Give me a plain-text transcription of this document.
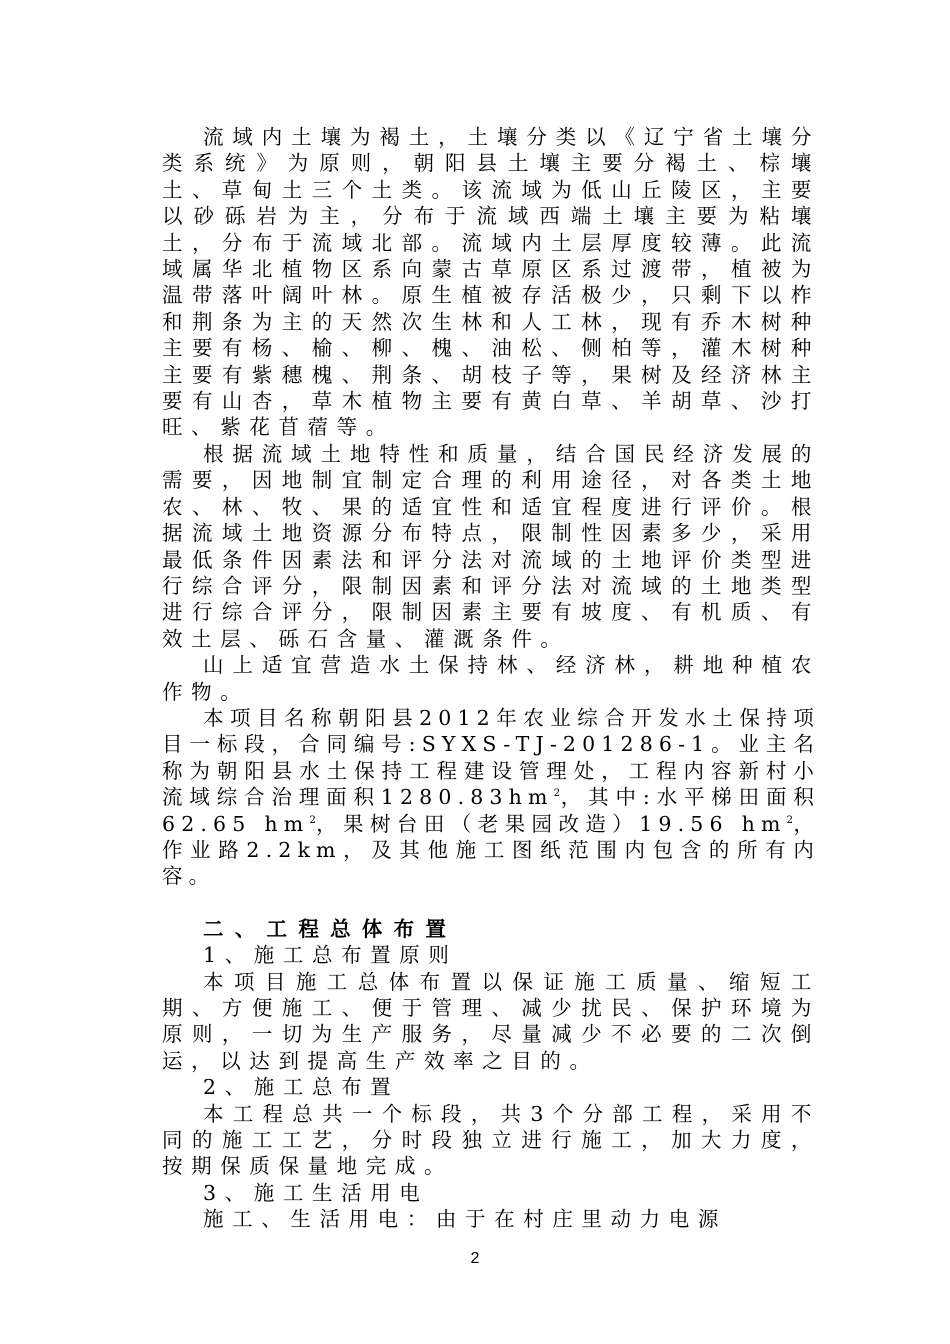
流域内土壤为褐土，土壤分类以《辽宁省土壤分类系统》为原则，朝阳县土壤主要分褐土、棕壤土、草甸土三个土类。该流域为低山丘陵区，主要以砂砾岩为主，分布于流域西端土壤主要为粘壤土，分布于流域北部。流域内土层厚度较薄。此流域属华北植物区系向蒙古草原区系过渡带，植被为温带落叶阔叶林。原生植被存活极少，只剩下以柞和荆条为主的天然次生林和人工林，现有乔木树种主要有杨、榆、柳、槐、油松、侧柏等，灌木树种主要有紫穗槐、荆条、胡枝子等，果树及经济林主要有山杏，草木植物主要有黄白草、羊胡草、沙打旺、紫花苜蓿等。

根据流域土地特性和质量，结合国民经济发展的需要，因地制宜制定合理的利用途径，对各类土地农、林、牧、果的适宜性和适宜程度进行评价。根据流域土地资源分布特点，限制性因素多少，采用最低条件因素法和评分法对流域的土地评价类型进行综合评分，限制因素和评分法对流域的土地类型进行综合评分，限制因素主要有坡度、有机质、有效土层、砾石含量、灌溉条件。

山上适宜营造水土保持林、经济林，耕地种植农作物。

本项目名称朝阳县2012年农业综合开发水土保持项目一标段，合同编号:SYXS-TJ-201286-1。业主名称为朝阳县水土保持工程建设管理处，工程内容新村小流域综合治理面积$1280.83hm^2$，其中:水平梯田面积62.65 $hm^2$，果树台田（老果园改造）19.56 $hm^2$，作业路2.2km，及其他施工图纸范围内包含的所有内容。

二、工程总体布置

1、施工总布置原则

本项目施工总体布置以保证施工质量、缩短工期、方便施工、便于管理、减少扰民、保护环境为原则，一切为生产服务，尽量减少不必要的二次倒运，以达到提高生产效率之目的。

2、施工总布置

本工程总共一个标段，共3个分部工程，采用不同的施工工艺，分时段独立进行施工，加大力度，按期保质保量地完成。

3、施工生活用电

施工、生活用电：由于在村庄里动力电源

2
